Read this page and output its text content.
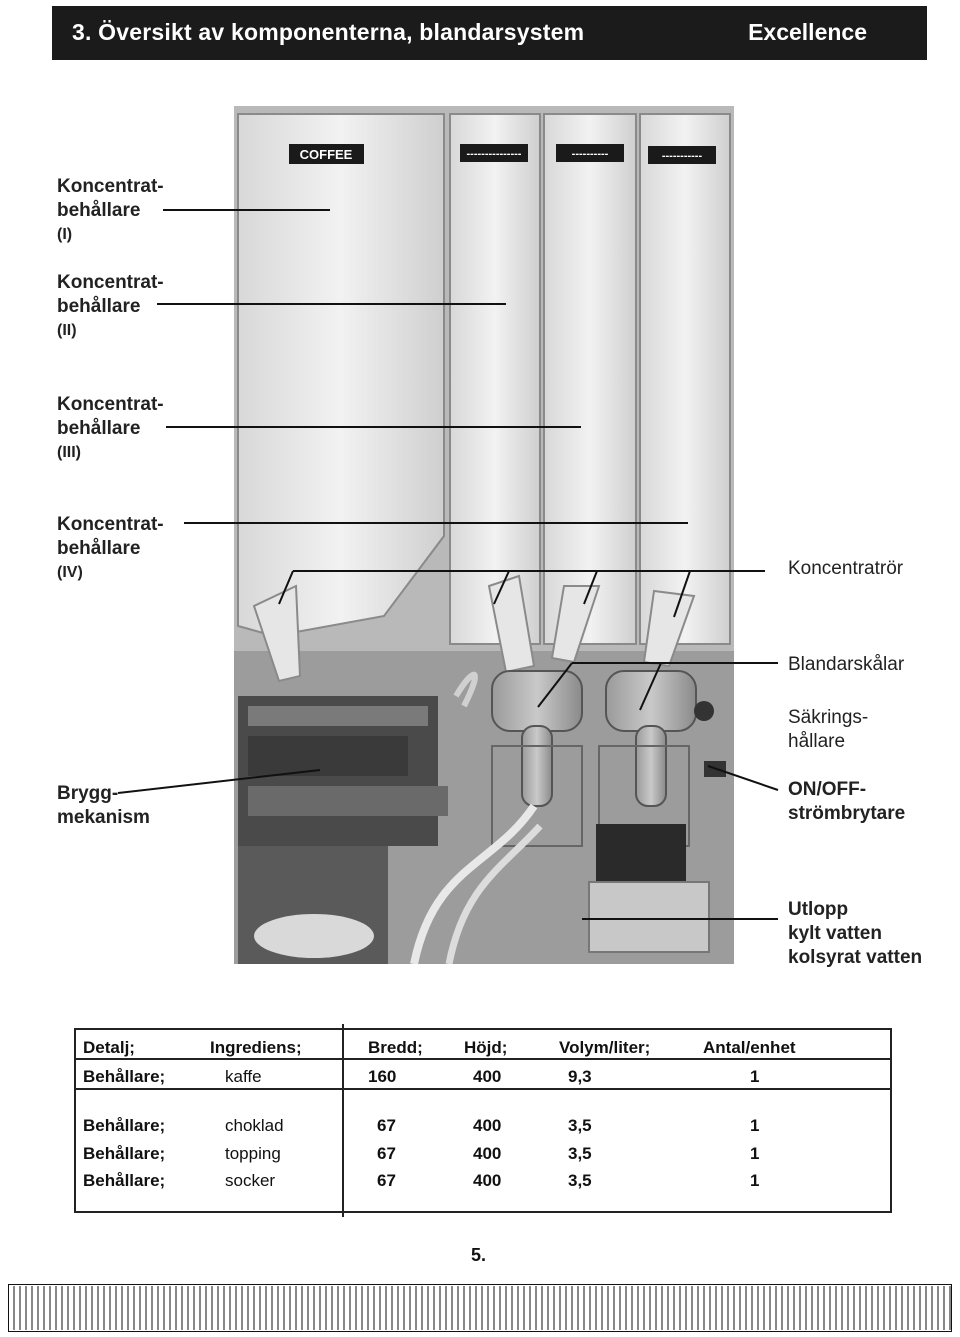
3. Översikt av komponenterna, blandarsystem	Excellence
COFFEE	---------------	----------	-----------
Koncentrat-
behållare
(I)
Koncentrat-
behållare
(II)
Koncentrat-
behållare
(III)
Koncentrat-
behållare
(IV)
Brygg-
mekanism
Koncentratrör
Blandarskålar
Säkrings-
hållare
ON/OFF-
strömbrytare
Utlopp
kylt vatten
kolsyrat vatten
Detalj;	Ingrediens;	Bredd; Höjd;	Volym/liter;	Antal/enhet
Behållare;	kaffe	160	400	9,3	1
Behållare;	choklad	67	400	3,5	1
Behållare;	topping	67	400	3,5	1
Behållare;	socker	67	400	3,5	1
5.
